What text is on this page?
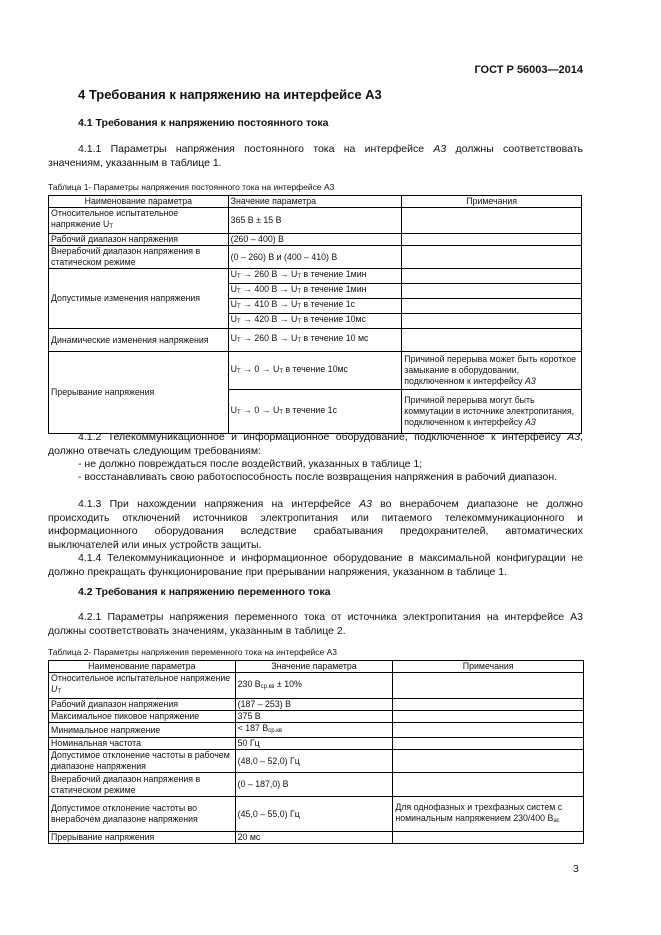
ГОСТ Р 56003—2014
4 Требования к напряжению на интерфейсе А3
4.1 Требования к напряжению постоянного тока
4.1.1 Параметры напряжения постоянного тока на интерфейсе А3 должны соответствовать значениям, указанным в таблице 1.
Таблица 1- Параметры напряжения постоянного тока на интерфейсе А3
Наименование параметра	Значение параметра	Примечания
Относительное испытательное напряжение $U_T$	365 В ± 15 В	
Рабочий диапазон напряжения	(260 – 400) В	
Внерабочий диапазон напряжения в статическом режиме	(0 – 260) В и (400 – 410) В	
Допустимые изменения напряжения	$U_T \to 260$ $В \to U_T$ в течение 1мин	
	$U_T \to 400$ $В \to U_T$ в течение 1мин	
	$U_T \to 410$ $В \to U_T$ в течение 1с	
	$U_T \to 420$ $В \to U_T$ в течение 10мс	
Динамические изменения напряжения	$U_T \to 260$ $В \to U_T$ в течение 10 мс	
Прерывание напряжения	$U_T \to 0 \to U_T$ в течение 10мс	Причиной перерыва может быть короткое замыкание в оборудовании, подключенном к интерфейсу А3
	$U_T \to 0 \to U_T$ в течение 1с	Причиной перерыва могут быть коммутации в источнике электропитания, подключенном к интерфейсу А3
4.1.2 Телекоммуникационное и информационное оборудование, подключенное к интерфейсу А3, должно отвечать следующим требованиям:
- не должно повреждаться после воздействий, указанных в таблице 1;
- восстанавливать свою работоспособность после возвращения напряжения в рабочий диапазон.
4.1.3 При нахождении напряжения на интерфейсе А3 во внерабочем диапазоне не должно происходить отключений источников электропитания или питаемого телекоммуникационного и информационного оборудования вследствие срабатывания предохранителей, автоматических выключателей или иных устройств защиты.
4.1.4 Телекоммуникационное и информационное оборудование в максимальной конфигурации не должно прекращать функционирование при прерывании напряжения, указанном в таблице 1.
4.2 Требования к напряжению переменного тока
4.2.1 Параметры напряжения переменного тока от источника электропитания на интерфейсе А3 должны соответствовать значениям, указанным в таблице 2.
Таблица 2- Параметры напряжения переменного тока на интерфейсе А3
Наименование параметра	Значение параметра	Примечания
Относительное испытательное напряжение $U_T$	230 $В_{ср.кв} \pm 10\%$	
Рабочий диапазон напряжения	(187 – 253) В	
Максимальное пиковое напряжение	375 В	
Минимальное напряжение	< 187 $В_{ср.кв}$	
Номинальная частота	50 Гц	
Допустимое отклонение частоты в рабочем диапазоне напряжения	(48,0 – 52,0) Гц	
Внерабочий диапазон напряжения в статическом режиме	(0 – 187,0) В	
Допустимое отклонение частоты во внерабочем диапазоне напряжения	(45,0 – 55,0) Гц	Для однофазных и трехфазных систем с номинальным напряжением 230/400 $В_{ас}$
Прерывание напряжения	20 мс	
3
